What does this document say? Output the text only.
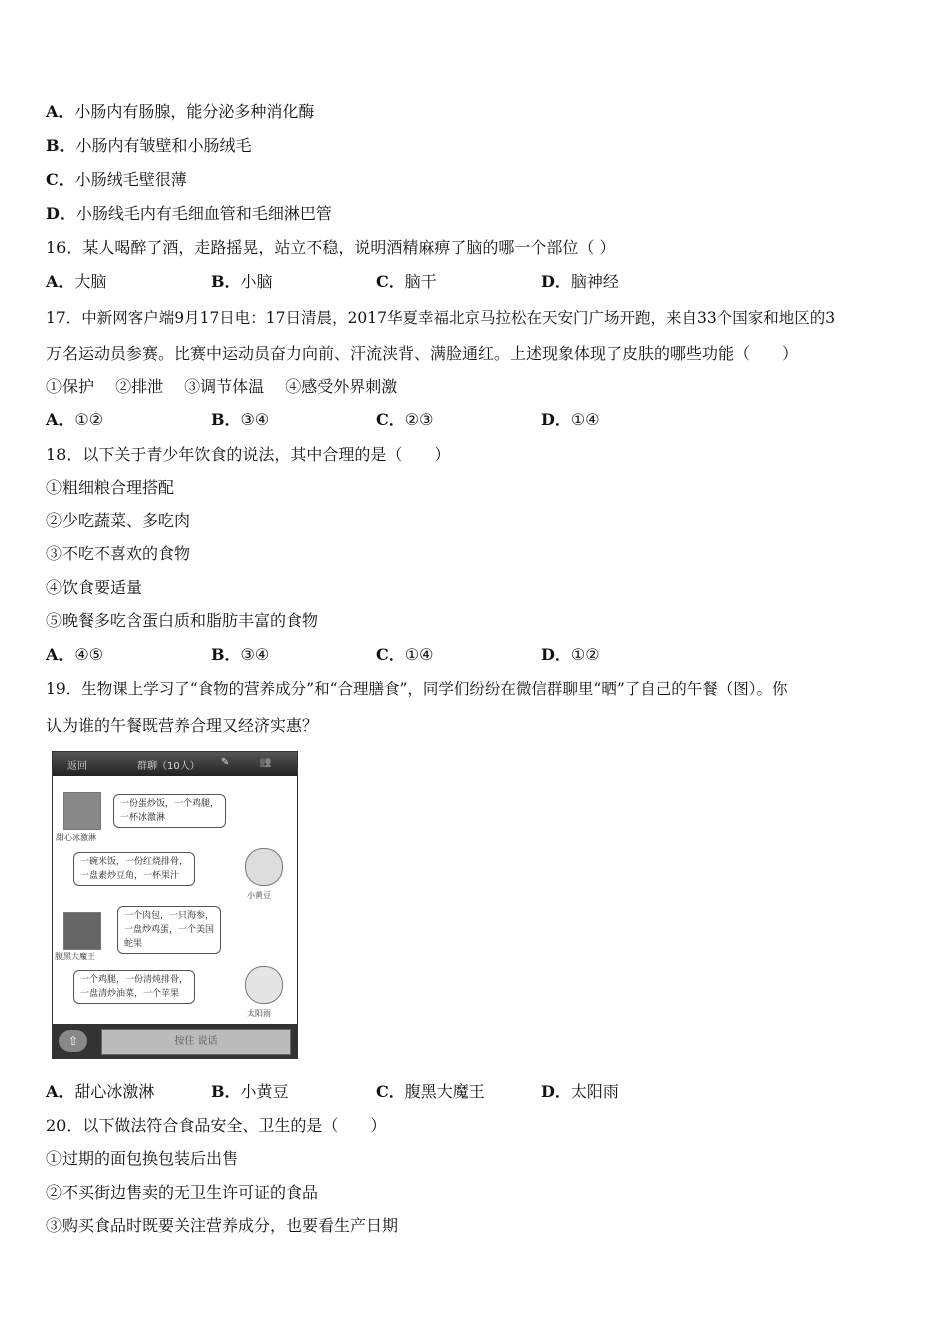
A．小肠内有肠腺，能分泌多种消化酶
B．小肠内有皱壁和小肠绒毛
C．小肠绒毛壁很薄
D．小肠线毛内有毛细血管和毛细淋巴管
16．某人喝醉了酒，走路摇晃，站立不稳，说明酒精麻痹了脑的哪一个部位（ ）
A．大脑	B．小脑	C．脑干	D．脑神经
17．中新网客户端9月17日电：17日清晨，2017华夏幸福北京马拉松在天安门广场开跑，来自33个国家和地区的3
万名运动员参赛。比赛中运动员奋力向前、汗流浃背、满脸通红。上述现象体现了皮肤的哪些功能（　　）
①保护　 ②排泄　 ③调节体温　 ④感受外界刺激
A．①②	B．③④	C．②③	D．①④
18．以下关于青少年饮食的说法，其中合理的是（　　）
①粗细粮合理搭配
②少吃蔬菜、多吃肉
③不吃不喜欢的食物
④饮食要适量
⑤晚餐多吃含蛋白质和脂肪丰富的食物
A．④⑤	B．③④	C．①④	D．①②
19．生物课上学习了“食物的营养成分”和“合理膳食”，同学们纷纷在微信群聊里“晒”了自己的午餐（图）。你
认为谁的午餐既营养合理又经济实惠？
返回	群聊（10人） ✎	👥
甜心冰激淋
一份蛋炒饭，一个鸡腿，
一杯冰激淋
一碗米饭，一份红烧排骨，
一盘素炒豆角，一杯果汁
小黄豆
腹黑大魔王
一个肉包，一只海参，
一盘炒鸡蛋，一个美国
蛇果
一个鸡腿，一份清炖排骨，
一盘清炒油菜，一个苹果
太阳雨
⇧	按住 说话
A．甜心冰激淋	B．小黄豆	C．腹黑大魔王	D．太阳雨
20．以下做法符合食品安全、卫生的是（　　）
①过期的面包换包装后出售
②不买街边售卖的无卫生许可证的食品
③购买食品时既要关注营养成分，也要看生产日期
